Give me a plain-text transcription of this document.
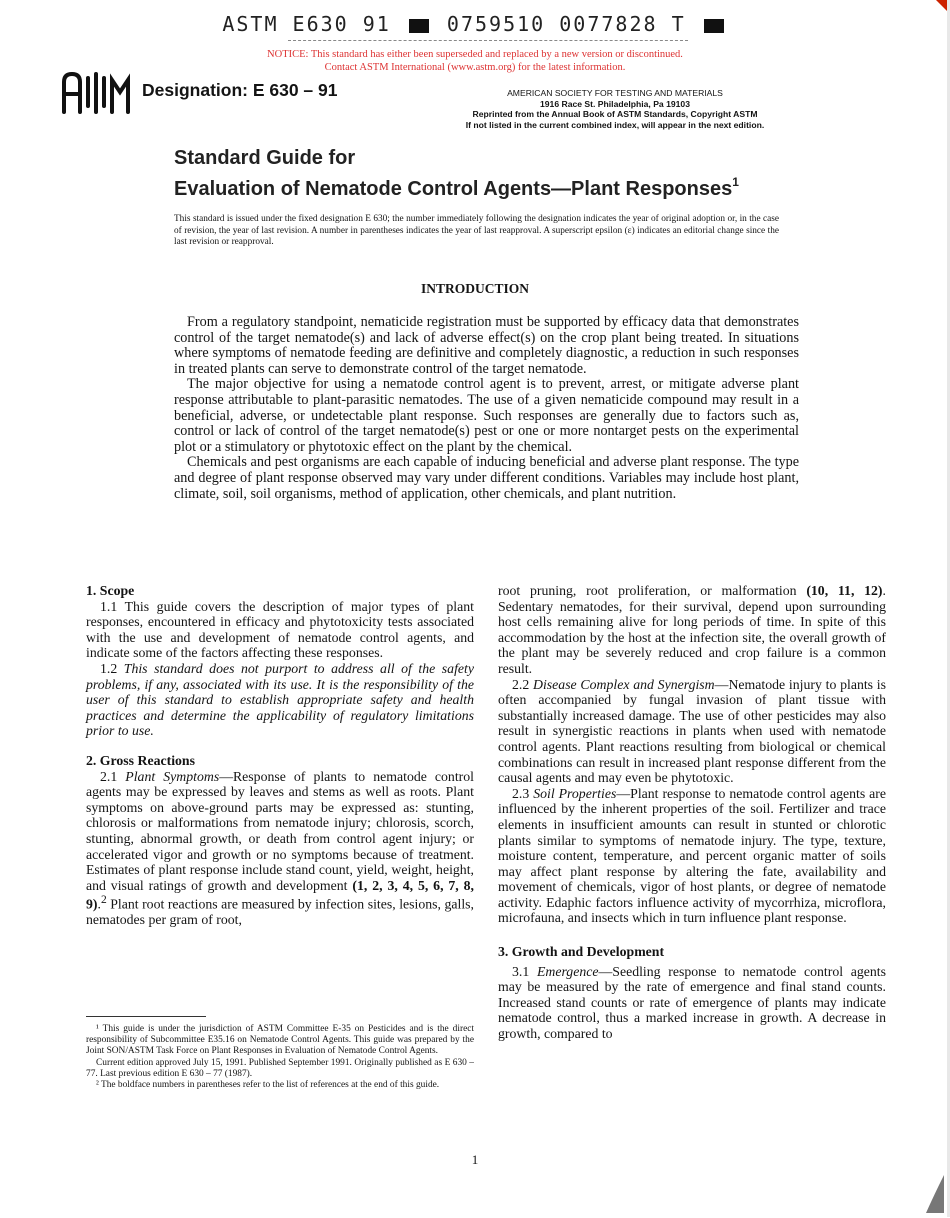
ASTM E630 91	0759510 0077828 T
NOTICE: This standard has either been superseded and replaced by a new version or discontinued.
Contact ASTM International (www.astm.org) for the latest information.
ASTM
Designation: E 630 – 91	AMERICAN SOCIETY FOR TESTING AND MATERIALS
1916 Race St. Philadelphia, Pa 19103
Reprinted from the Annual Book of ASTM Standards, Copyright ASTM
If not listed in the current combined index, will appear in the next edition.
Standard Guide for
Evaluation of Nematode Control Agents—Plant Responses$^1$
This standard is issued under the fixed designation E 630; the number immediately following the designation indicates the year of original adoption or, in the case of revision, the year of last revision. A number in parentheses indicates the year of last reapproval. A superscript epsilon (ε) indicates an editorial change since the last revision or reapproval.
INTRODUCTION

From a regulatory standpoint, nematicide registration must be supported by efficacy data that demonstrates control of the target nematode(s) and lack of adverse effect(s) on the crop plant being treated. In situations where symptoms of nematode feeding are definitive and completely diagnostic, a reduction in such responses in treated plants can serve to demonstrate control of the target nematode.

The major objective for using a nematode control agent is to prevent, arrest, or mitigate adverse plant response attributable to plant-parasitic nematodes. The use of a given nematicide compound may result in a beneficial, adverse, or undetectable plant response. Such responses are generally due to factors such as, control or lack of control of the target nematode(s) pest or one or more nontarget pests on the experimental plot or a stimulatory or phytotoxic effect on the plant by the chemical.

Chemicals and pest organisms are each capable of inducing beneficial and adverse plant response. The type and degree of plant response observed may vary under different conditions. Variables may include host plant, climate, soil, soil organisms, method of application, other chemicals, and plant nutrition.

1. Scope

1.1 This guide covers the description of major types of plant responses, encountered in efficacy and phytotoxicity tests associated with the use and development of nematode control agents, and indicate some of the factors affecting these responses.

1.2 This standard does not purport to address all of the safety problems, if any, associated with its use. It is the responsibility of the user of this standard to establish appropriate safety and health practices and determine the applicability of regulatory limitations prior to use.

2. Gross Reactions

2.1 Plant Symptoms—Response of plants to nematode control agents may be expressed by leaves and stems as well as roots. Plant symptoms on above-ground parts may be expressed as: stunting, chlorosis or malformations from nematode injury; chlorosis, scorch, stunting, abnormal growth, or death from control agent injury; or accelerated vigor and growth or no symptoms because of treatment. Estimates of plant response include stand count, yield, weight, height, and visual ratings of growth and development (1, 2, 3, 4, 5, 6, 7, 8, 9).$^2$ Plant root reactions are measured by infection sites, lesions, galls, nematodes per gram of root,

root pruning, root proliferation, or malformation (10, 11, 12). Sedentary nematodes, for their survival, depend upon surrounding host cells remaining alive for long periods of time. In spite of this accommodation by the host at the infection site, the overall growth of the plant may be severely reduced and crop failure is a common result.

2.2 Disease Complex and Synergism—Nematode injury to plants is often accompanied by fungal invasion of plant tissue with substantially increased damage. The use of other pesticides may also result in synergistic reactions in plants when used with nematode control agents. Plant reactions resulting from biological or chemical combinations can result in increased plant response different from the causal agents and may even be phytotoxic.

2.3 Soil Properties—Plant response to nematode control agents are influenced by the inherent properties of the soil. Fertilizer and trace elements in insufficient amounts can result in stunted or chlorotic plants similar to symptoms of nematode injury. The type, texture, moisture content, temperature, and percent organic matter of soils may affect plant response by altering the fate, availability and movement of chemicals, vigor of host plants, or degree of nematode activity. Edaphic factors influence activity of mycorrhiza, microflora, microfauna, and insects which in turn influence plant response.

3. Growth and Development

3.1 Emergence—Seedling response to nematode control agents may be measured by the rate of emergence and final stand counts. Increased stand counts or rate of emergence of plants may indicate nematode control, thus a marked increase in growth. A decrease in growth, compared to

¹ This guide is under the jurisdiction of ASTM Committee E-35 on Pesticides and is the direct responsibility of Subcommittee E35.16 on Nematode Control Agents. This guide was prepared by the Joint SON/ASTM Task Force on Plant Responses in Evaluation of Nematode Control Agents.

Current edition approved July 15, 1991. Published September 1991. Originally published as E 630 – 77. Last previous edition E 630 – 77 (1987).

² The boldface numbers in parentheses refer to the list of references at the end of this guide.

1
